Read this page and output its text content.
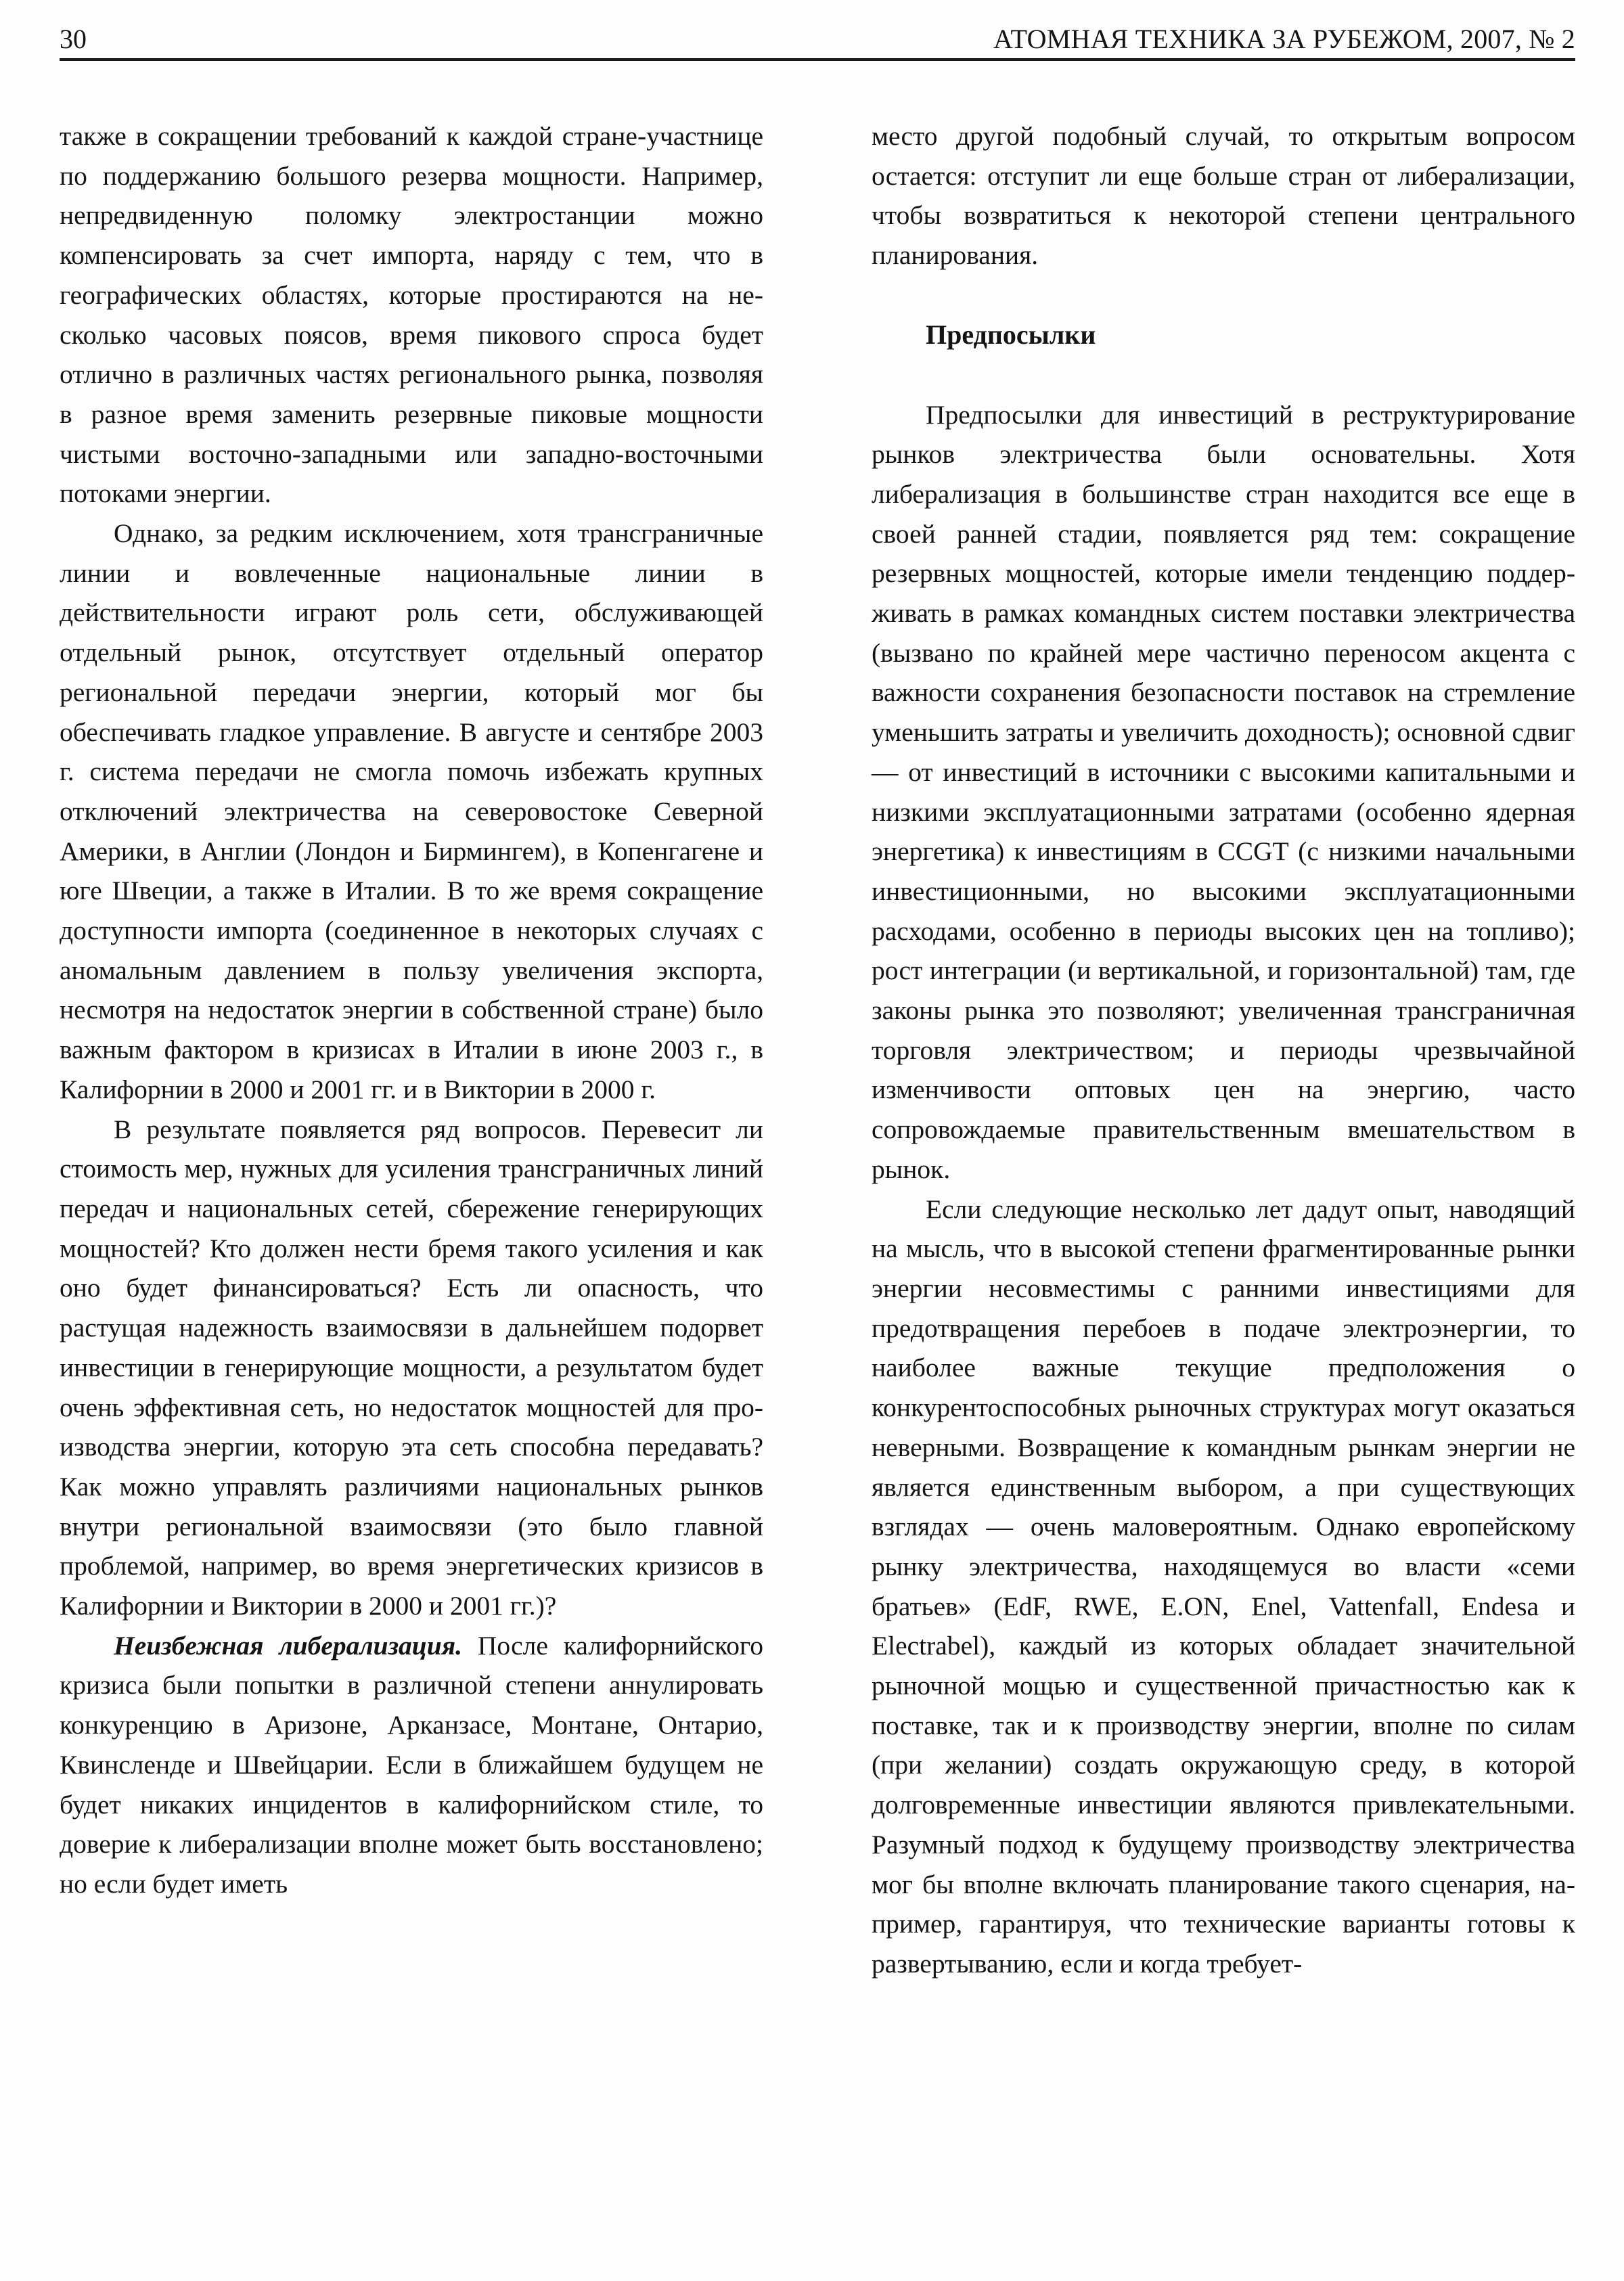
30	АТОМНАЯ ТЕХНИКА ЗА РУБЕЖОМ, 2007, № 2

также в сокращении требований к каждой стране-участнице по поддержанию большого резерва мощности. Например, непредвиденную поломку электростанции можно компенсировать за счет импорта, наряду с тем, что в географических областях, которые простираются на несколько часовых поясов, время пикового спроса будет отлично в различных частях регионального рынка, позволяя в разное время заменить резервные пиковые мощности чистыми восточно-западными или западно-восточными потоками энергии.

Однако, за редким исключением, хотя трансграничные линии и вовлеченные национальные линии в действительности играют роль сети, обслуживающей отдельный рынок, отсутствует отдельный оператор региональной передачи энергии, который мог бы обеспечивать гладкое управление. В августе и сентябре 2003 г. система передачи не смогла помочь избежать крупных отключений электричества на северовостоке Северной Америки, в Англии (Лондон и Бирмингем), в Копенгагене и юге Швеции, а также в Италии. В то же время сокращение доступности импорта (соединенное в некоторых случаях с аномальным давлением в пользу увеличения экспорта, несмотря на недостаток энергии в собственной стране) было важным фактором в кризисах в Италии в июне 2003 г., в Калифорнии в 2000 и 2001 гг. и в Виктории в 2000 г.

В результате появляется ряд вопросов. Перевесит ли стоимость мер, нужных для усиления трансграничных линий передач и национальных сетей, сбережение генерирующих мощностей? Кто должен нести бремя такого усиления и как оно будет финансироваться? Есть ли опасность, что растущая надежность взаимосвязи в дальнейшем подорвет инвестиции в генерирующие мощности, а результатом будет очень эффективная сеть, но недостаток мощностей для производства энергии, которую эта сеть способна передавать? Как можно управлять различиями национальных рынков внутри региональной взаимосвязи (это было главной проблемой, например, во время энергетических кризисов в Калифорнии и Виктории в 2000 и 2001 гг.)?

Неизбежная либерализация. После калифорнийского кризиса были попытки в различной степени аннулировать конкуренцию в Аризоне, Арканзасе, Монтане, Онтарио, Квинсленде и Швейцарии. Если в ближайшем будущем не будет никаких инцидентов в калифорнийском стиле, то доверие к либерализации вполне может быть восстановлено; но если будет иметь

место другой подобный случай, то открытым вопросом остается: отступит ли еще больше стран от либерализации, чтобы возвратиться к некоторой степени центрального планирования.

Предпосылки

Предпосылки для инвестиций в реструктурирование рынков электричества были основательны. Хотя либерализация в большинстве стран находится все еще в своей ранней стадии, появляется ряд тем: сокращение резервных мощностей, которые имели тенденцию поддерживать в рамках командных систем поставки электричества (вызвано по крайней мере частично переносом акцента с важности сохранения безопасности поставок на стремление уменьшить затраты и увеличить доходность); основной сдвиг — от инвестиций в источники с высокими капитальными и низкими эксплуатационными затратами (особенно ядерная энергетика) к инвестициям в CCGT (с низкими начальными инвестиционными, но высокими эксплуатационными расходами, особенно в периоды высоких цен на топливо); рост интеграции (и вертикальной, и горизонтальной) там, где законы рынка это позволяют; увеличенная трансграничная торговля электричеством; и периоды чрезвычайной изменчивости оптовых цен на энергию, часто сопровождаемые правительственным вмешательством в рынок.

Если следующие несколько лет дадут опыт, наводящий на мысль, что в высокой степени фрагментированные рынки энергии несовместимы с ранними инвестициями для предотвращения перебоев в подаче электроэнергии, то наиболее важные текущие предположения о конкурентоспособных рыночных структурах могут оказаться неверными. Возвращение к командным рынкам энергии не является единственным выбором, а при существующих взглядах — очень маловероятным. Однако европейскому рынку электричества, находящемуся во власти «семи братьев» (EdF, RWE, E.ON, Enel, Vattenfall, Endesa и Electrabel), каждый из которых обладает значительной рыночной мощью и существенной причастностью как к поставке, так и к производству энергии, вполне по силам (при желании) создать окружающую среду, в которой долговременные инвестиции являются привлекательными. Разумный подход к будущему производству электричества мог бы вполне включать планирование такого сценария, например, гарантируя, что технические варианты готовы к развертыванию, если и когда требует-
